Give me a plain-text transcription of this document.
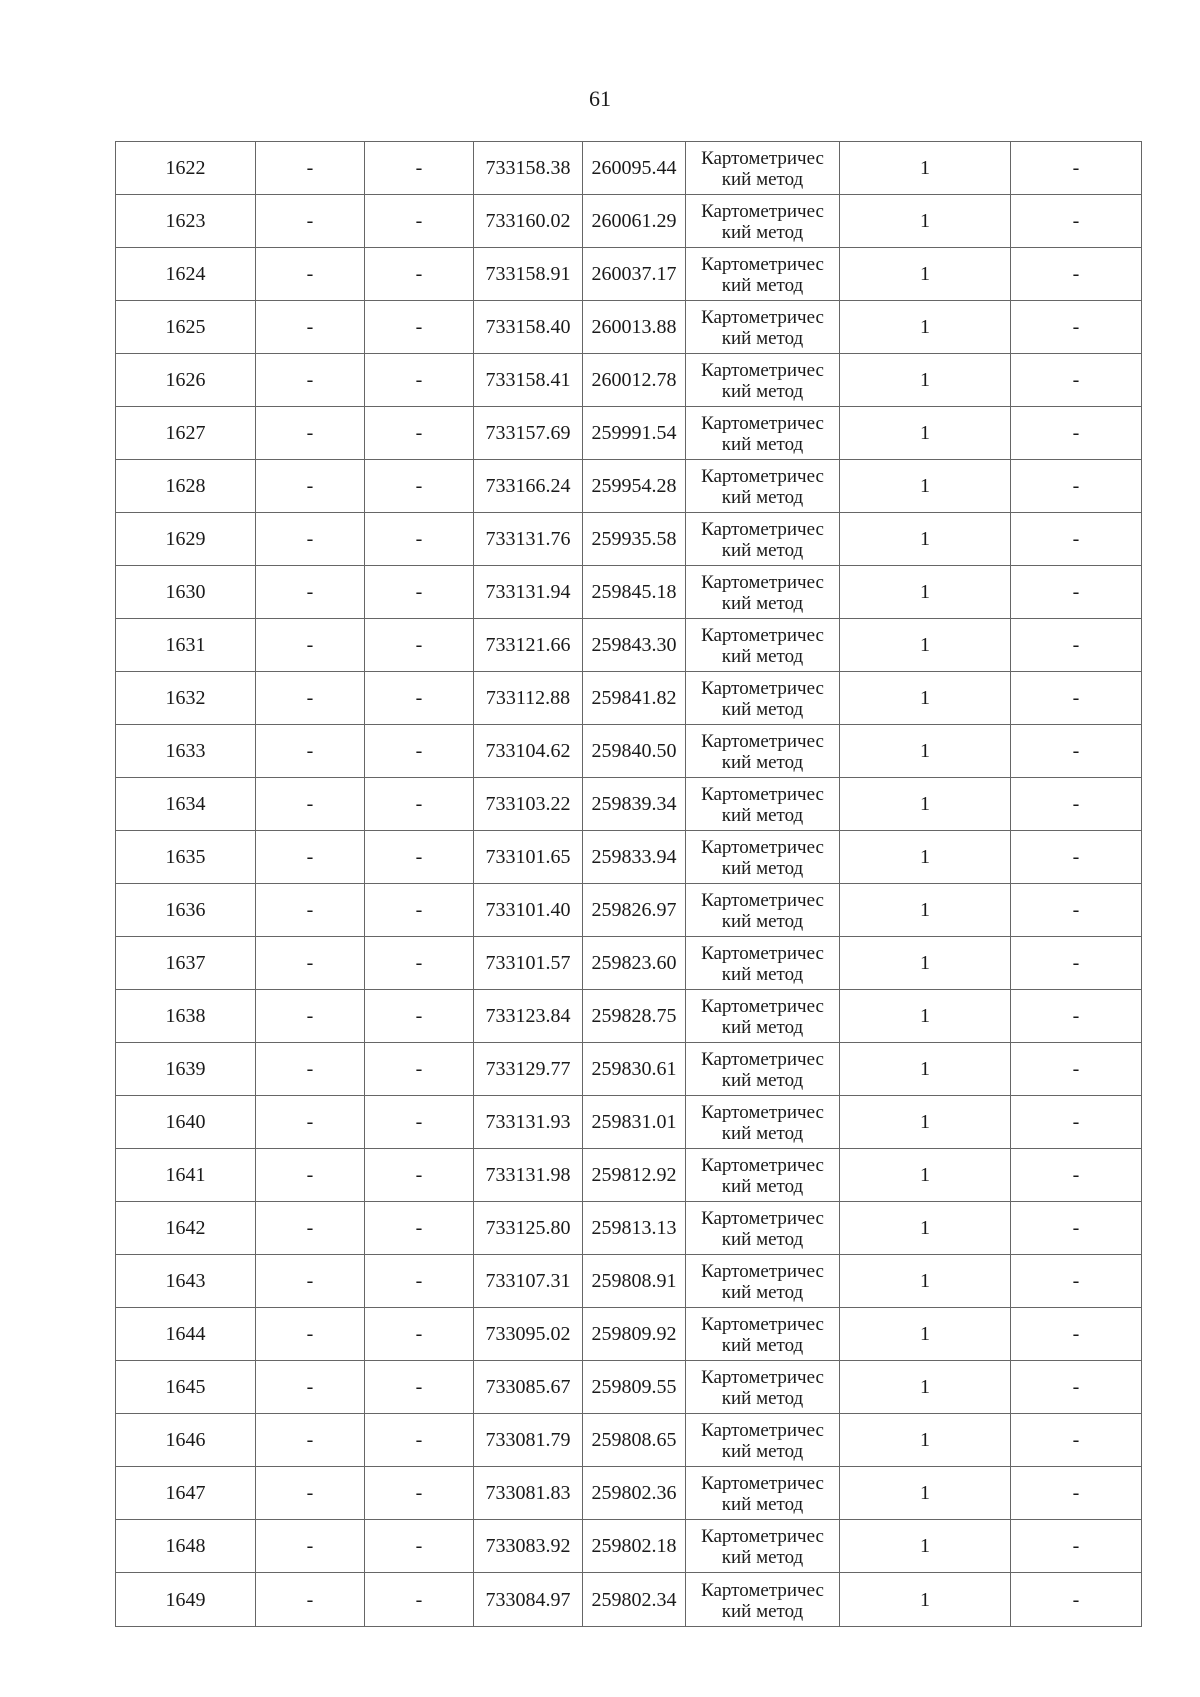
61
1622	-	-	733158.38	260095.44	Картометричес
кий метод	1	-
1623	-	-	733160.02	260061.29	Картометричес
кий метод	1	-
1624	-	-	733158.91	260037.17	Картометричес
кий метод	1	-
1625	-	-	733158.40	260013.88	Картометричес
кий метод	1	-
1626	-	-	733158.41	260012.78	Картометричес
кий метод	1	-
1627	-	-	733157.69	259991.54	Картометричес
кий метод	1	-
1628	-	-	733166.24	259954.28	Картометричес
кий метод	1	-
1629	-	-	733131.76	259935.58	Картометричес
кий метод	1	-
1630	-	-	733131.94	259845.18	Картометричес
кий метод	1	-
1631	-	-	733121.66	259843.30	Картометричес
кий метод	1	-
1632	-	-	733112.88	259841.82	Картометричес
кий метод	1	-
1633	-	-	733104.62	259840.50	Картометричес
кий метод	1	-
1634	-	-	733103.22	259839.34	Картометричес
кий метод	1	-
1635	-	-	733101.65	259833.94	Картометричес
кий метод	1	-
1636	-	-	733101.40	259826.97	Картометричес
кий метод	1	-
1637	-	-	733101.57	259823.60	Картометричес
кий метод	1	-
1638	-	-	733123.84	259828.75	Картометричес
кий метод	1	-
1639	-	-	733129.77	259830.61	Картометричес
кий метод	1	-
1640	-	-	733131.93	259831.01	Картометричес
кий метод	1	-
1641	-	-	733131.98	259812.92	Картометричес
кий метод	1	-
1642	-	-	733125.80	259813.13	Картометричес
кий метод	1	-
1643	-	-	733107.31	259808.91	Картометричес
кий метод	1	-
1644	-	-	733095.02	259809.92	Картометричес
кий метод	1	-
1645	-	-	733085.67	259809.55	Картометричес
кий метод	1	-
1646	-	-	733081.79	259808.65	Картометричес
кий метод	1	-
1647	-	-	733081.83	259802.36	Картометричес
кий метод	1	-
1648	-	-	733083.92	259802.18	Картометричес
кий метод	1	-
1649	-	-	733084.97	259802.34	Картометричес
кий метод	1	-
